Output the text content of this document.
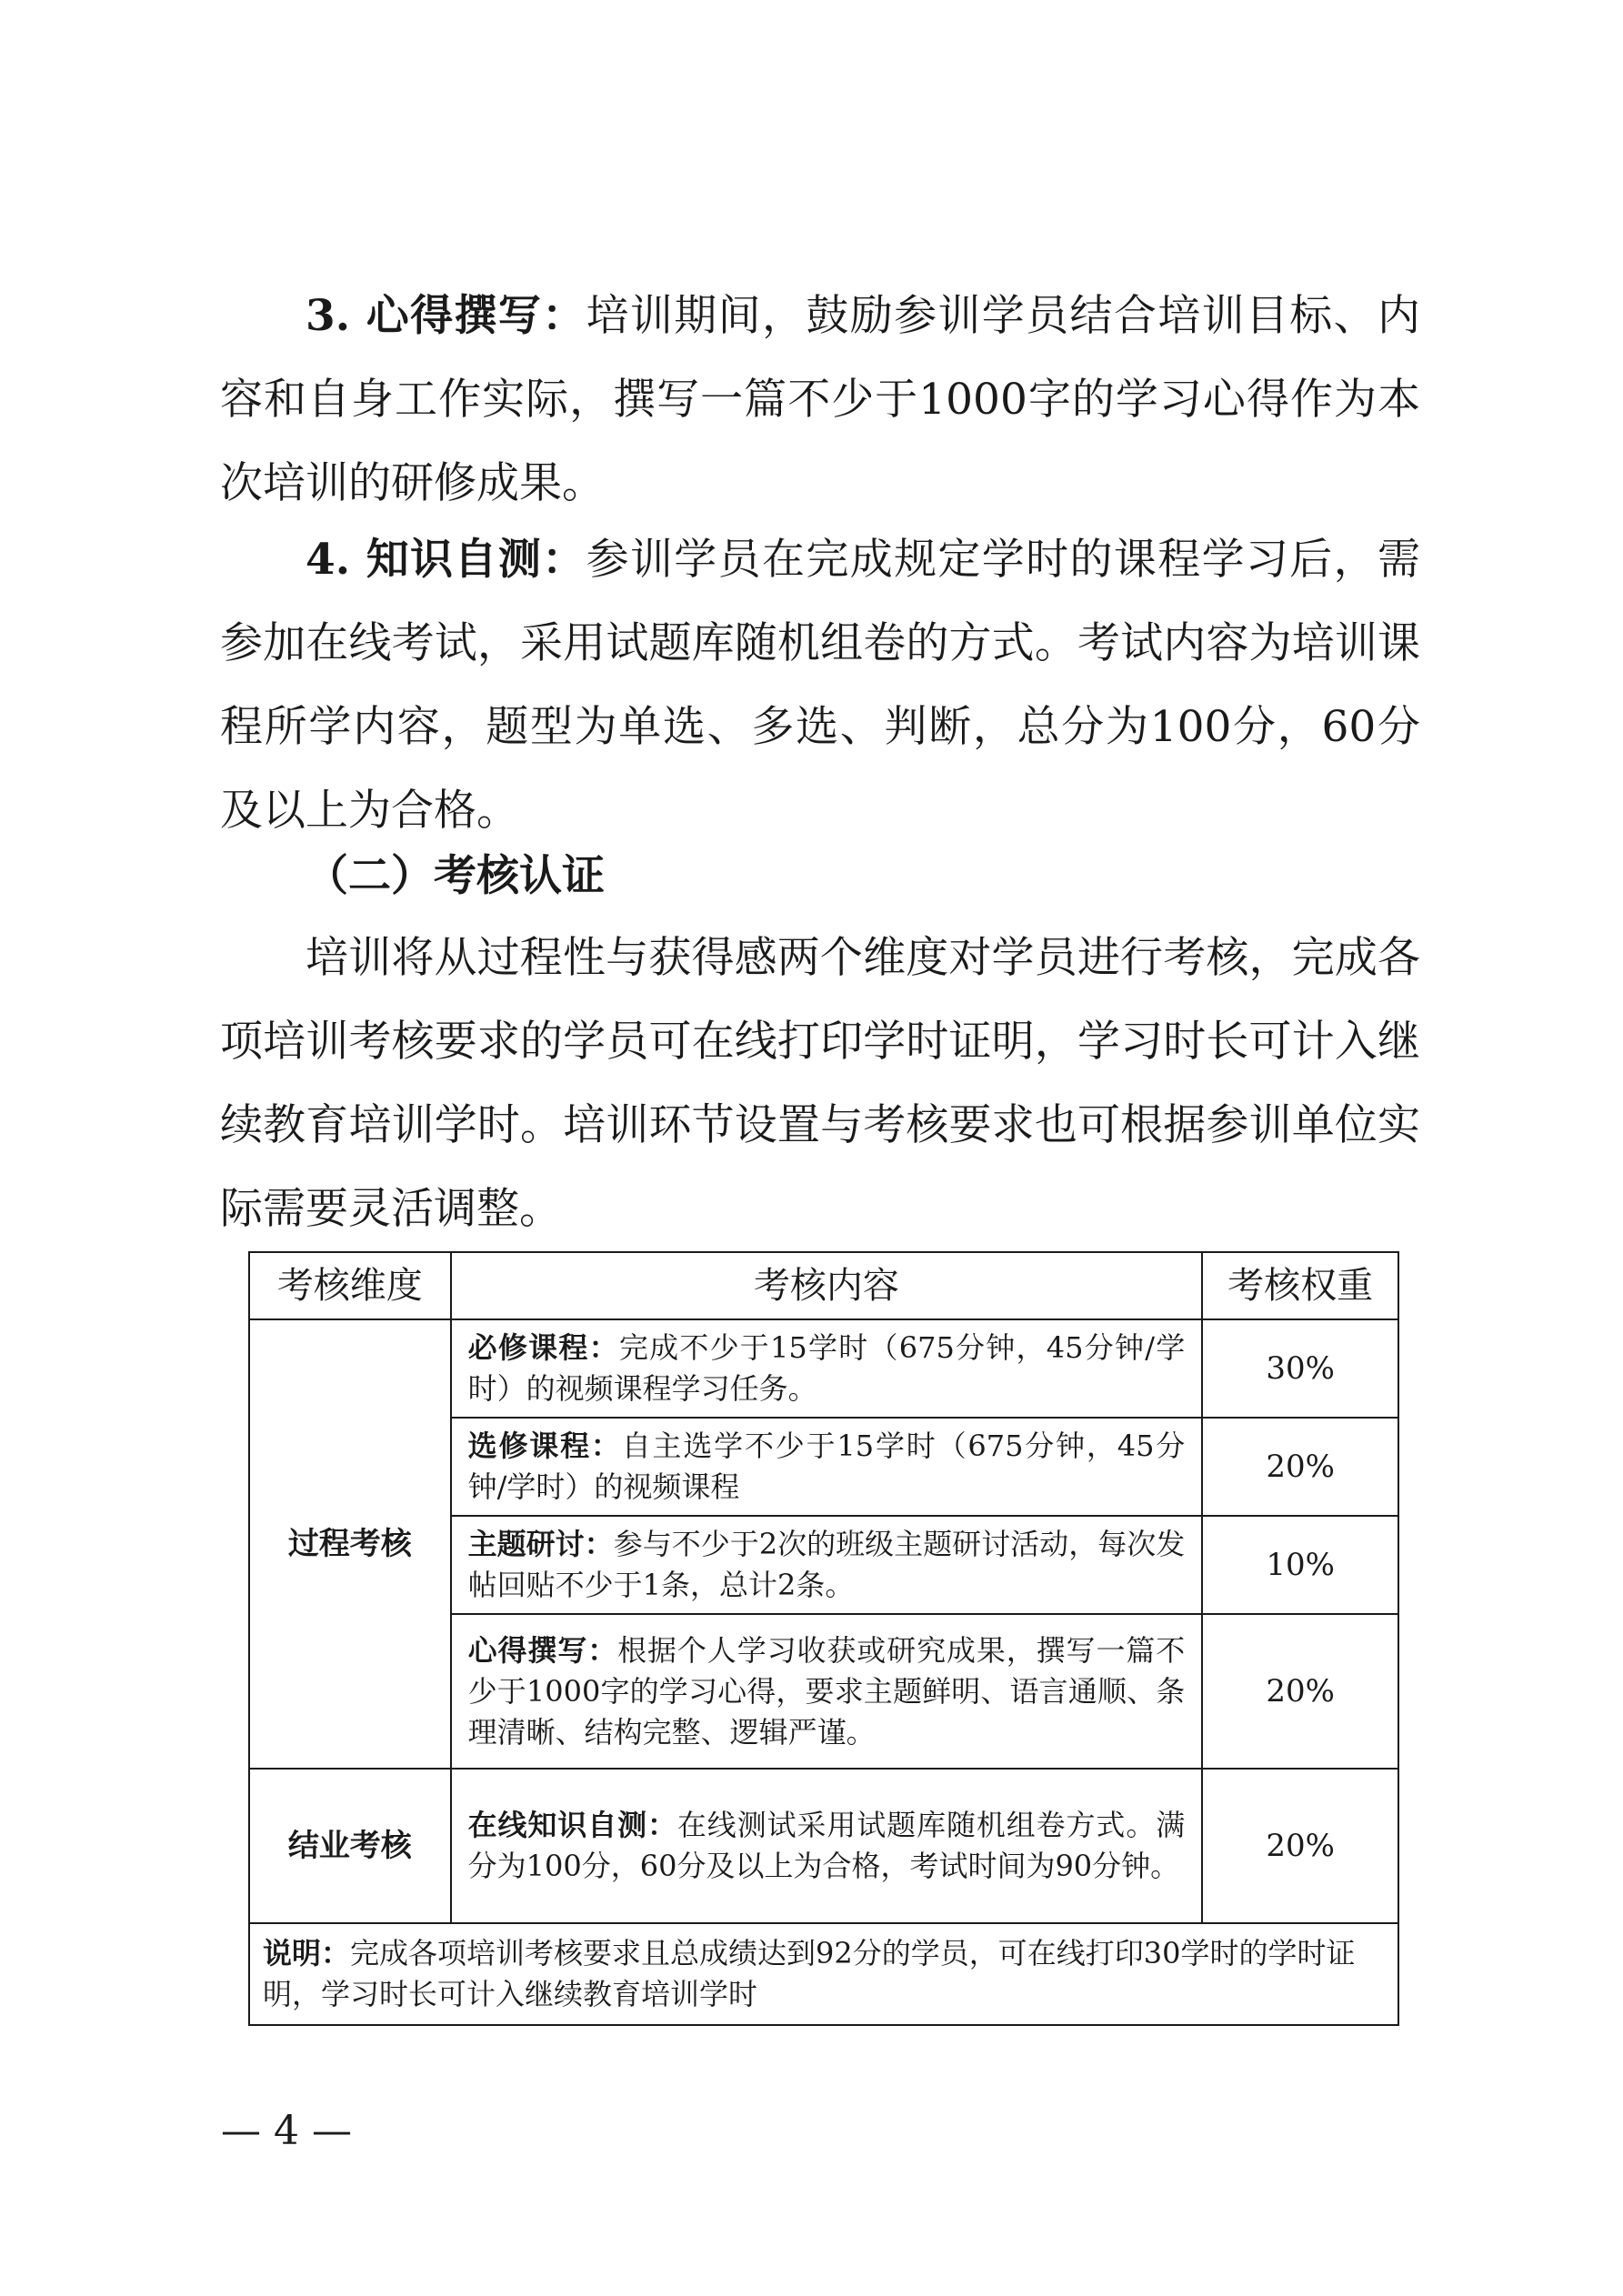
3. 心得撰写：培训期间，鼓励参训学员结合培训目标、内容和自身工作实际，撰写一篇不少于1000字的学习心得作为本次培训的研修成果。

4. 知识自测：参训学员在完成规定学时的课程学习后，需参加在线考试，采用试题库随机组卷的方式。考试内容为培训课程所学内容，题型为单选、多选、判断，总分为100分，60分及以上为合格。

（二）考核认证

培训将从过程性与获得感两个维度对学员进行考核，完成各项培训考核要求的学员可在线打印学时证明，学习时长可计入继续教育培训学时。培训环节设置与考核要求也可根据参训单位实际需要灵活调整。

考核维度	考核内容	考核权重
过程考核	必修课程：完成不少于15学时（675分钟，45分钟/学时）的视频课程学习任务。	30%
	选修课程：自主选学不少于15学时（675分钟，45分钟/学时）的视频课程	20%
	主题研讨：参与不少于2次的班级主题研讨活动，每次发帖回贴不少于1条，总计2条。	10%
	心得撰写：根据个人学习收获或研究成果，撰写一篇不少于1000字的学习心得，要求主题鲜明、语言通顺、条理清晰、结构完整、逻辑严谨。	20%
结业考核	在线知识自测：在线测试采用试题库随机组卷方式。满分为100分，60分及以上为合格，考试时间为90分钟。	20%
说明：完成各项培训考核要求且总成绩达到92分的学员，可在线打印30学时的学时证明，学习时长可计入继续教育培训学时		
— 4 —
